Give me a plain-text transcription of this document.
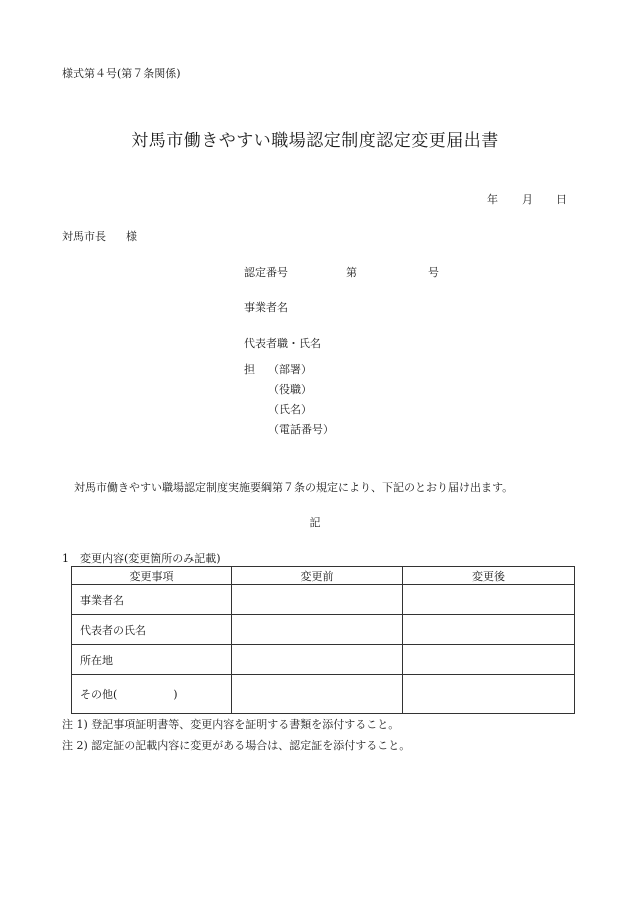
様式第４号(第７条関係)
対馬市働きやすい職場認定制度認定変更届出書
年 月 日
対馬市長 様
認定番号	第	号
事業者名
代表者職・氏名
担 （部署）
（役職）
（氏名）
（電話番号）
対馬市働きやすい職場認定制度実施要綱第７条の規定により、下記のとおり届け出ます。
記
1　変更内容(変更箇所のみ記載)
変更事項	変更前	変更後
事業者名		
代表者の氏名		
所在地		
その他( )		
注 1) 登記事項証明書等、変更内容を証明する書類を添付すること。
注 2) 認定証の記載内容に変更がある場合は、認定証を添付すること。
